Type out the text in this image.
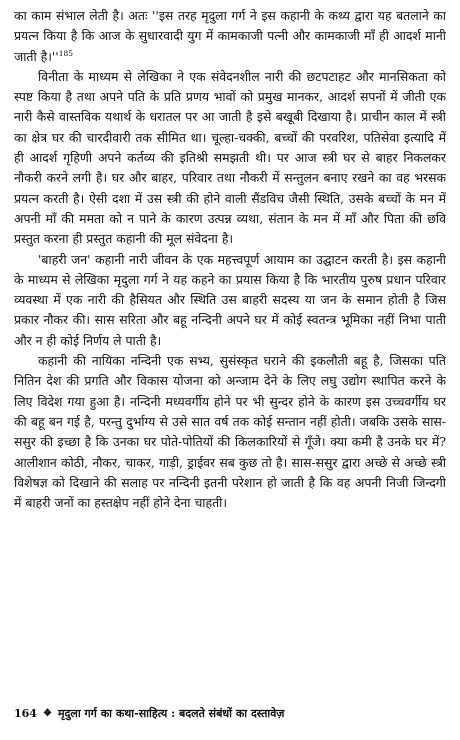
का काम संभाल लेती है। अतः ''इस तरह मृदुला गर्ग ने इस कहानी के कथ्य द्वारा यह बतलाने का प्रयत्न किया है कि आज के सुधारवादी युग में कामकाजी पत्नी और कामकाजी माँ ही आदर्श मानी जाती है।''$^{185}$

विनीता के माध्यम से लेखिका ने एक संवेदनशील नारी की छटपटाहट और मानसिकता को स्पष्ट किया है तथा अपने पति के प्रति प्रणय भावों को प्रमुख मानकर, आदर्श सपनों में जीती एक नारी कैसे वास्तविक यथार्थ के धरातल पर आ जाती है इसे बखूबी दिखाया है। प्राचीन काल में स्त्री का क्षेत्र घर की चारदीवारी तक सीमित था। चूल्हा-चक्की, बच्चों की परवरिश, पतिसेवा इत्यादि में ही आदर्श गृहिणी अपने कर्तव्य की इतिश्री समझती थी। पर आज स्त्री घर से बाहर निकलकर नौकरी करने लगी है। घर और बाहर, परिवार तथा नौकरी में सन्तुलन बनाए रखने का वह भरसक प्रयत्न करती है। ऐसी दशा में उस स्त्री की होने वाली सैंडविच जैसी स्थिति, उसके बच्चों के मन में अपनी माँ की ममता को न पाने के कारण उत्पन्न व्यथा, संतान के मन में माँ और पिता की छवि प्रस्तुत करना ही प्रस्तुत कहानी की मूल संवेदना है।

'बाहरी जन' कहानी नारी जीवन के एक महत्त्वपूर्ण आयाम का उद्घाटन करती है। इस कहानी के माध्यम से लेखिका मृदुला गर्ग ने यह कहने का प्रयास किया है कि भारतीय पुरुष प्रधान परिवार व्यवस्था में एक नारी की हैसियत और स्थिति उस बाहरी सदस्य या जन के समान होती है जिस प्रकार नौकर की। सास सरिता और बहू नन्दिनी अपने घर में कोई स्वतन्त्र भूमिका नहीं निभा पाती और न ही कोई निर्णय ले पाती है।

कहानी की नायिका नन्दिनी एक सभ्य, सुसंस्कृत घराने की इकलौती बहू है, जिसका पति नितिन देश की प्रगति और विकास योजना को अन्जाम देने के लिए लघु उद्योग स्थापित करने के लिए विदेश गया हुआ है। नन्दिनी मध्यवर्गीय होने पर भी सुन्दर होने के कारण इस उच्चवर्गीय घर की बहू बन गई है, परन्तु दुर्भाग्य से उसे सात वर्ष तक कोई सन्तान नहीं होती। जबकि उसके सास-ससुर की इच्छा है कि उनका घर पोते-पोतियों की किलकारियों से गूँजे। क्या कमी है उनके घर में? आलीशान कोठी, नौकर, चाकर, गाड़ी, ड्राईवर सब कुछ तो है। सास-ससुर द्वारा अच्छे से अच्छे स्त्री विशेषज्ञ को दिखाने की सलाह पर नन्दिनी इतनी परेशान हो जाती है कि वह अपनी निजी जिन्दगी में बाहरी जनों का हस्तक्षेप नहीं होने देना चाहती।

164 ❖ मृदुला गर्ग का कथा-साहित्य : बदलते संबंधों का दस्तावेज़
